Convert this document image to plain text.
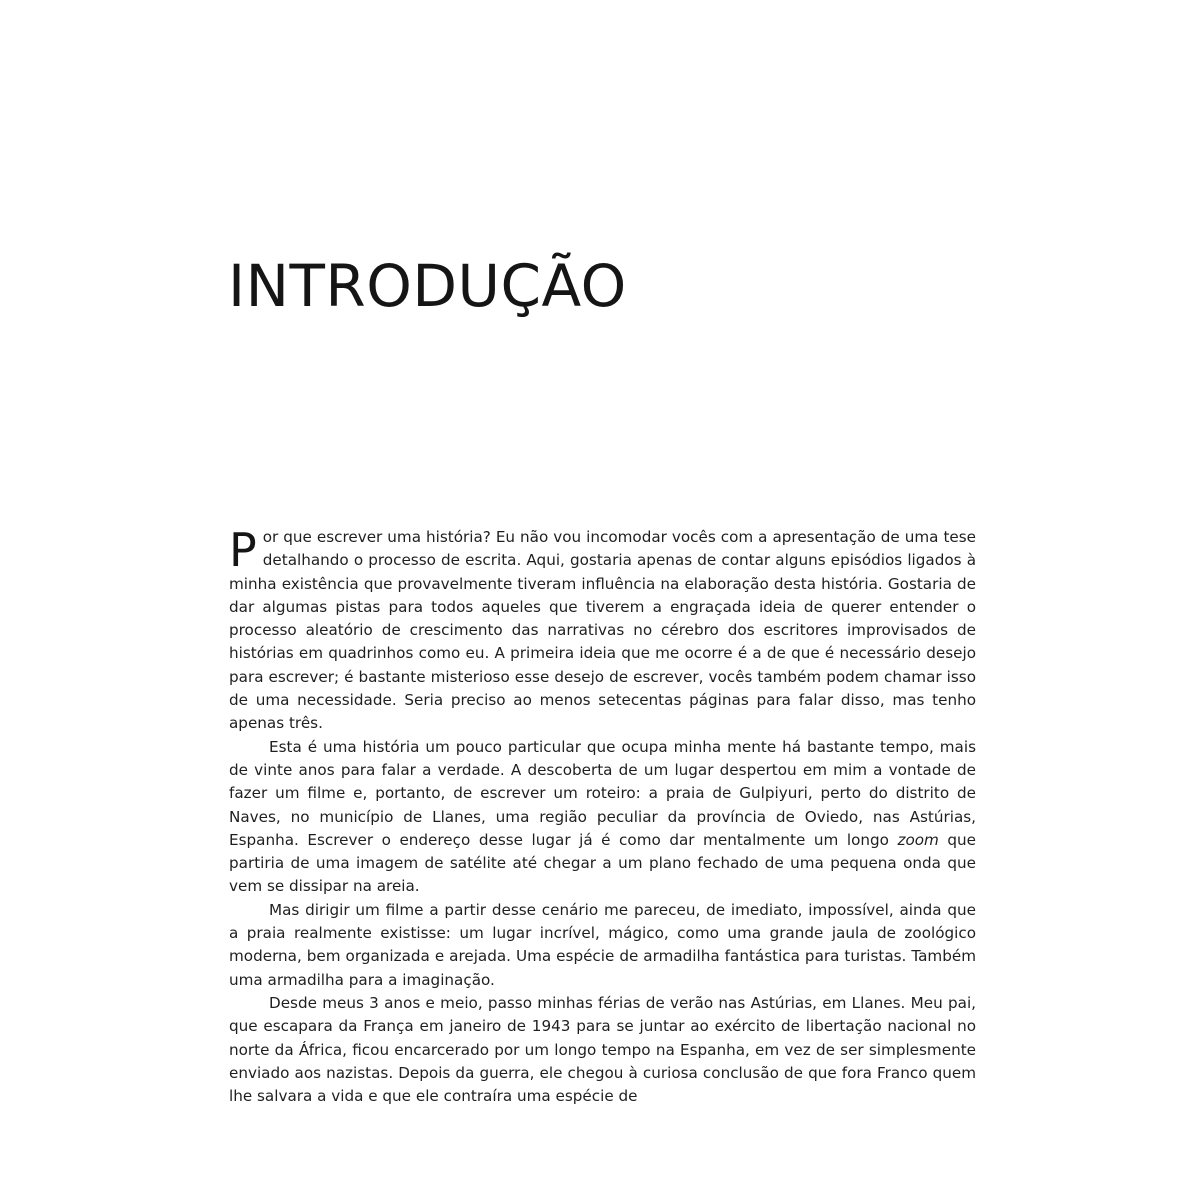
INTRODUÇÃO

Por que escrever uma história? Eu não vou incomodar vocês com a apresentação de uma tese detalhando o processo de escrita. Aqui, gostaria apenas de contar alguns episódios ligados à minha existência que provavelmente tiveram influência na elaboração desta história. Gostaria de dar algumas pistas para todos aqueles que tiverem a engraçada ideia de querer entender o processo aleatório de crescimento das narrativas no cérebro dos escritores improvisados de histórias em quadrinhos como eu. A primeira ideia que me ocorre é a de que é necessário desejo para escrever; é bastante misterioso esse desejo de escrever, vocês também podem chamar isso de uma necessidade. Seria preciso ao menos setecentas páginas para falar disso, mas tenho apenas três.

Esta é uma história um pouco particular que ocupa minha mente há bastante tempo, mais de vinte anos para falar a verdade. A descoberta de um lugar despertou em mim a vontade de fazer um filme e, portanto, de escrever um roteiro: a praia de Gulpiyuri, perto do distrito de Naves, no município de Llanes, uma região peculiar da província de Oviedo, nas Astúrias, Espanha. Escrever o endereço desse lugar já é como dar mentalmente um longo zoom que partiria de uma imagem de satélite até chegar a um plano fechado de uma pequena onda que vem se dissipar na areia.

Mas dirigir um filme a partir desse cenário me pareceu, de imediato, impossível, ainda que a praia realmente existisse: um lugar incrível, mágico, como uma grande jaula de zoológico moderna, bem organizada e arejada. Uma espécie de armadilha fantástica para turistas. Também uma armadilha para a imaginação.

Desde meus 3 anos e meio, passo minhas férias de verão nas Astúrias, em Llanes. Meu pai, que escapara da França em janeiro de 1943 para se juntar ao exército de libertação nacional no norte da África, ficou encarcerado por um longo tempo na Espanha, em vez de ser simplesmente enviado aos nazistas. Depois da guerra, ele chegou à curiosa conclusão de que fora Franco quem lhe salvara a vida e que ele contraíra uma espécie de
